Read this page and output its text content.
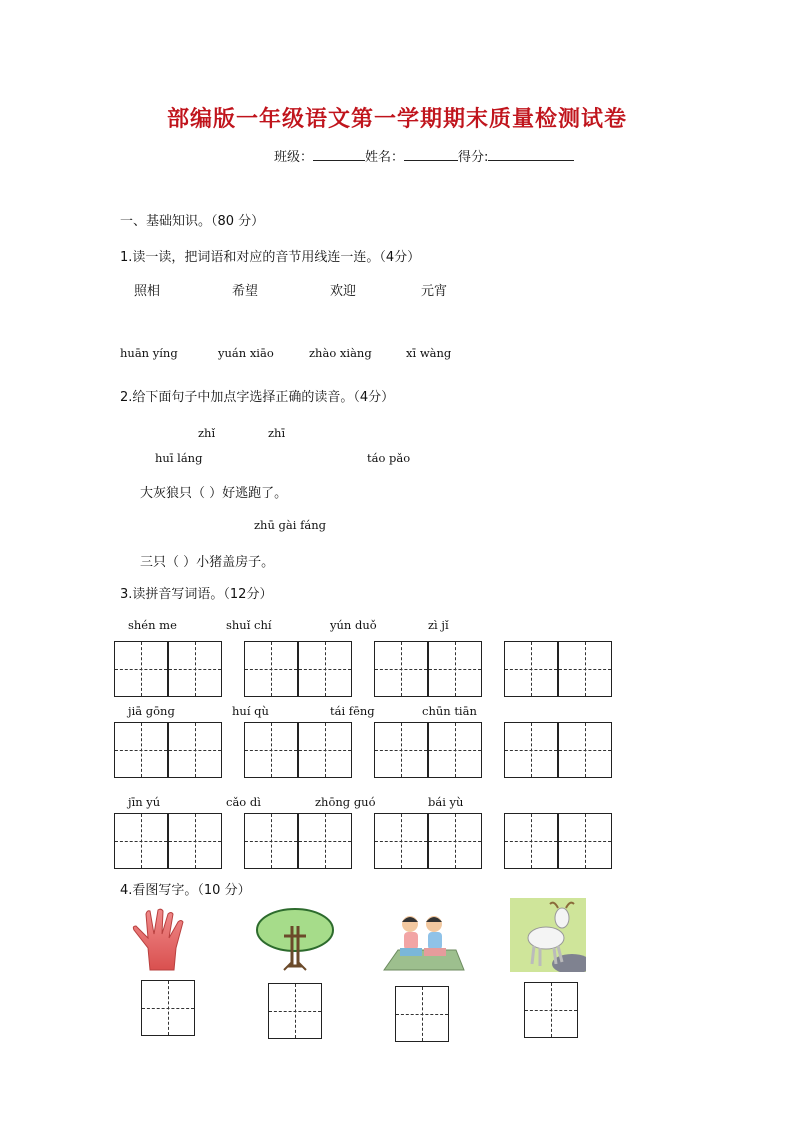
部编版一年级语文第一学期期末质量检测试卷
班级：	姓名：	得分:
一、基础知识。（80 分）
1.读一读，把词语和对应的音节用线连一连。（4分）
照相	希望	欢迎	元宵
huān yíng	yuán xiāo	zhào xiàng	xī wàng
2.给下面句子中加点字选择正确的读音。（4分）
zhǐ	zhī
huī lánɡ	táo pǎo
大灰狼只（ ）好逃跑了。
zhū ɡài fánɡ
三只（ ）小猪盖房子。
3.读拼音写词语。（12分）
shén me	shuǐ chí	yún duǒ	zì jǐ
jiā ɡōnɡ	huí qù	tái fēnɡ	chūn tiān
jīn yú	cǎo dì	zhōnɡ ɡuó	bái yù
4.看图写字。（10 分）
